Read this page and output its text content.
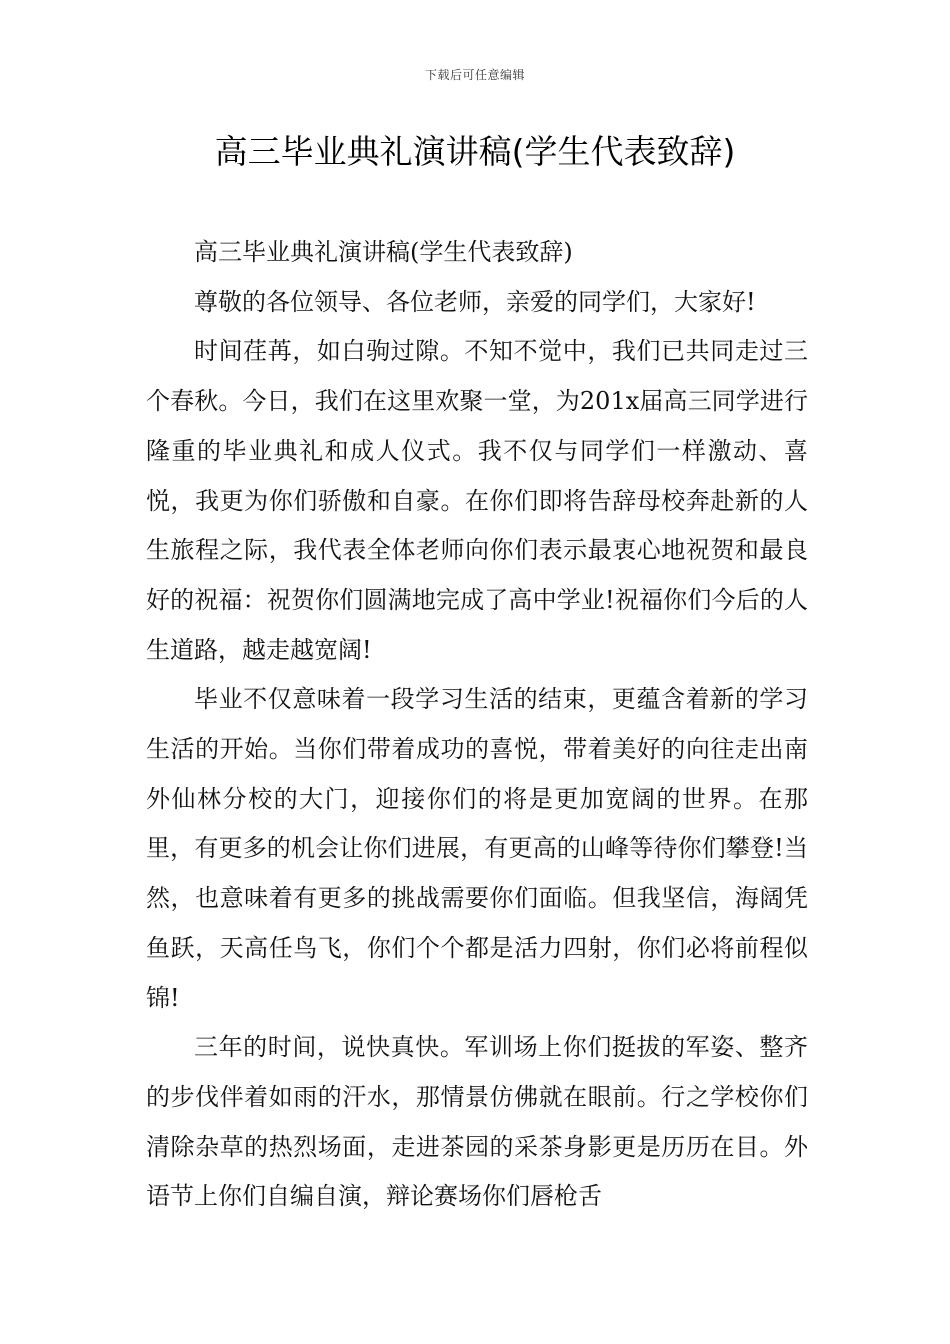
下载后可任意编辑
高三毕业典礼演讲稿(学生代表致辞)

高三毕业典礼演讲稿(学生代表致辞)

尊敬的各位领导、各位老师，亲爱的同学们，大家好!

时间荏苒，如白驹过隙。不知不觉中，我们已共同走过三个春秋。今日，我们在这里欢聚一堂，为201x届高三同学进行隆重的毕业典礼和成人仪式。我不仅与同学们一样激动、喜悦，我更为你们骄傲和自豪。在你们即将告辞母校奔赴新的人生旅程之际，我代表全体老师向你们表示最衷心地祝贺和最良好的祝福：祝贺你们圆满地完成了高中学业!祝福你们今后的人生道路，越走越宽阔!

毕业不仅意味着一段学习生活的结束，更蕴含着新的学习生活的开始。当你们带着成功的喜悦，带着美好的向往走出南外仙林分校的大门，迎接你们的将是更加宽阔的世界。在那里，有更多的机会让你们进展，有更高的山峰等待你们攀登!当然，也意味着有更多的挑战需要你们面临。但我坚信，海阔凭鱼跃，天高任鸟飞，你们个个都是活力四射，你们必将前程似锦!

三年的时间，说快真快。军训场上你们挺拔的军姿、整齐的步伐伴着如雨的汗水，那情景仿佛就在眼前。行之学校你们清除杂草的热烈场面，走进茶园的采茶身影更是历历在目。外语节上你们自编自演，辩论赛场你们唇枪舌
